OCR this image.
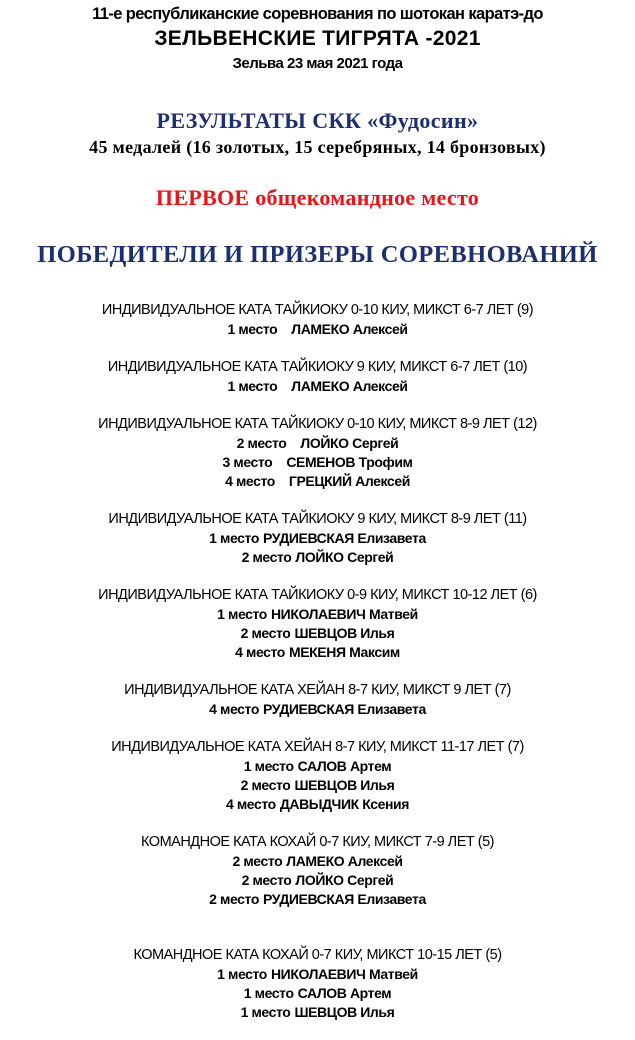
11-е республиканские соревнования по шотокан каратэ-до
ЗЕЛЬВЕНСКИЕ ТИГРЯТА -2021
Зельва 23 мая 2021 года
РЕЗУЛЬТАТЫ СКК «Фудосин»
45 медалей (16 золотых, 15 серебряных, 14 бронзовых)
ПЕРВОЕ общекомандное место
ПОБЕДИТЕЛИ И ПРИЗЕРЫ СОРЕВНОВАНИЙ
ИНДИВИДУАЛЬНОЕ КАТА ТАЙКИОКУ 0-10 КИУ, МИКСТ 6-7 ЛЕТ (9)
1 место ЛАМЕКО Алексей
ИНДИВИДУАЛЬНОЕ КАТА ТАЙКИОКУ 9 КИУ, МИКСТ 6-7 ЛЕТ (10)
1 место ЛАМЕКО Алексей
ИНДИВИДУАЛЬНОЕ КАТА ТАЙКИОКУ 0-10 КИУ, МИКСТ 8-9 ЛЕТ (12)
2 место ЛОЙКО Сергей
3 место СЕМЕНОВ Трофим
4 место ГРЕЦКИЙ Алексей
ИНДИВИДУАЛЬНОЕ КАТА ТАЙКИОКУ 9 КИУ, МИКСТ 8-9 ЛЕТ (11)
1 место РУДИЕВСКАЯ Елизавета
2 место ЛОЙКО Сергей
ИНДИВИДУАЛЬНОЕ КАТА ТАЙКИОКУ 0-9 КИУ, МИКСТ 10-12 ЛЕТ (6)
1 место НИКОЛАЕВИЧ Матвей
2 место ШЕВЦОВ Илья
4 место МЕКЕНЯ Максим
ИНДИВИДУАЛЬНОЕ КАТА ХЕЙАН 8-7 КИУ, МИКСТ 9 ЛЕТ (7)
4 место РУДИЕВСКАЯ Елизавета
ИНДИВИДУАЛЬНОЕ КАТА ХЕЙАН 8-7 КИУ, МИКСТ 11-17 ЛЕТ (7)
1 место САЛОВ Артем
2 место ШЕВЦОВ Илья
4 место ДАВЫДЧИК Ксения
КОМАНДНОЕ КАТА КОХАЙ 0-7 КИУ, МИКСТ 7-9 ЛЕТ (5)
2 место ЛАМЕКО Алексей
2 место ЛОЙКО Сергей
2 место РУДИЕВСКАЯ Елизавета
КОМАНДНОЕ КАТА КОХАЙ 0-7 КИУ, МИКСТ 10-15 ЛЕТ (5)
1 место НИКОЛАЕВИЧ Матвей
1 место САЛОВ Артем
1 место ШЕВЦОВ Илья
